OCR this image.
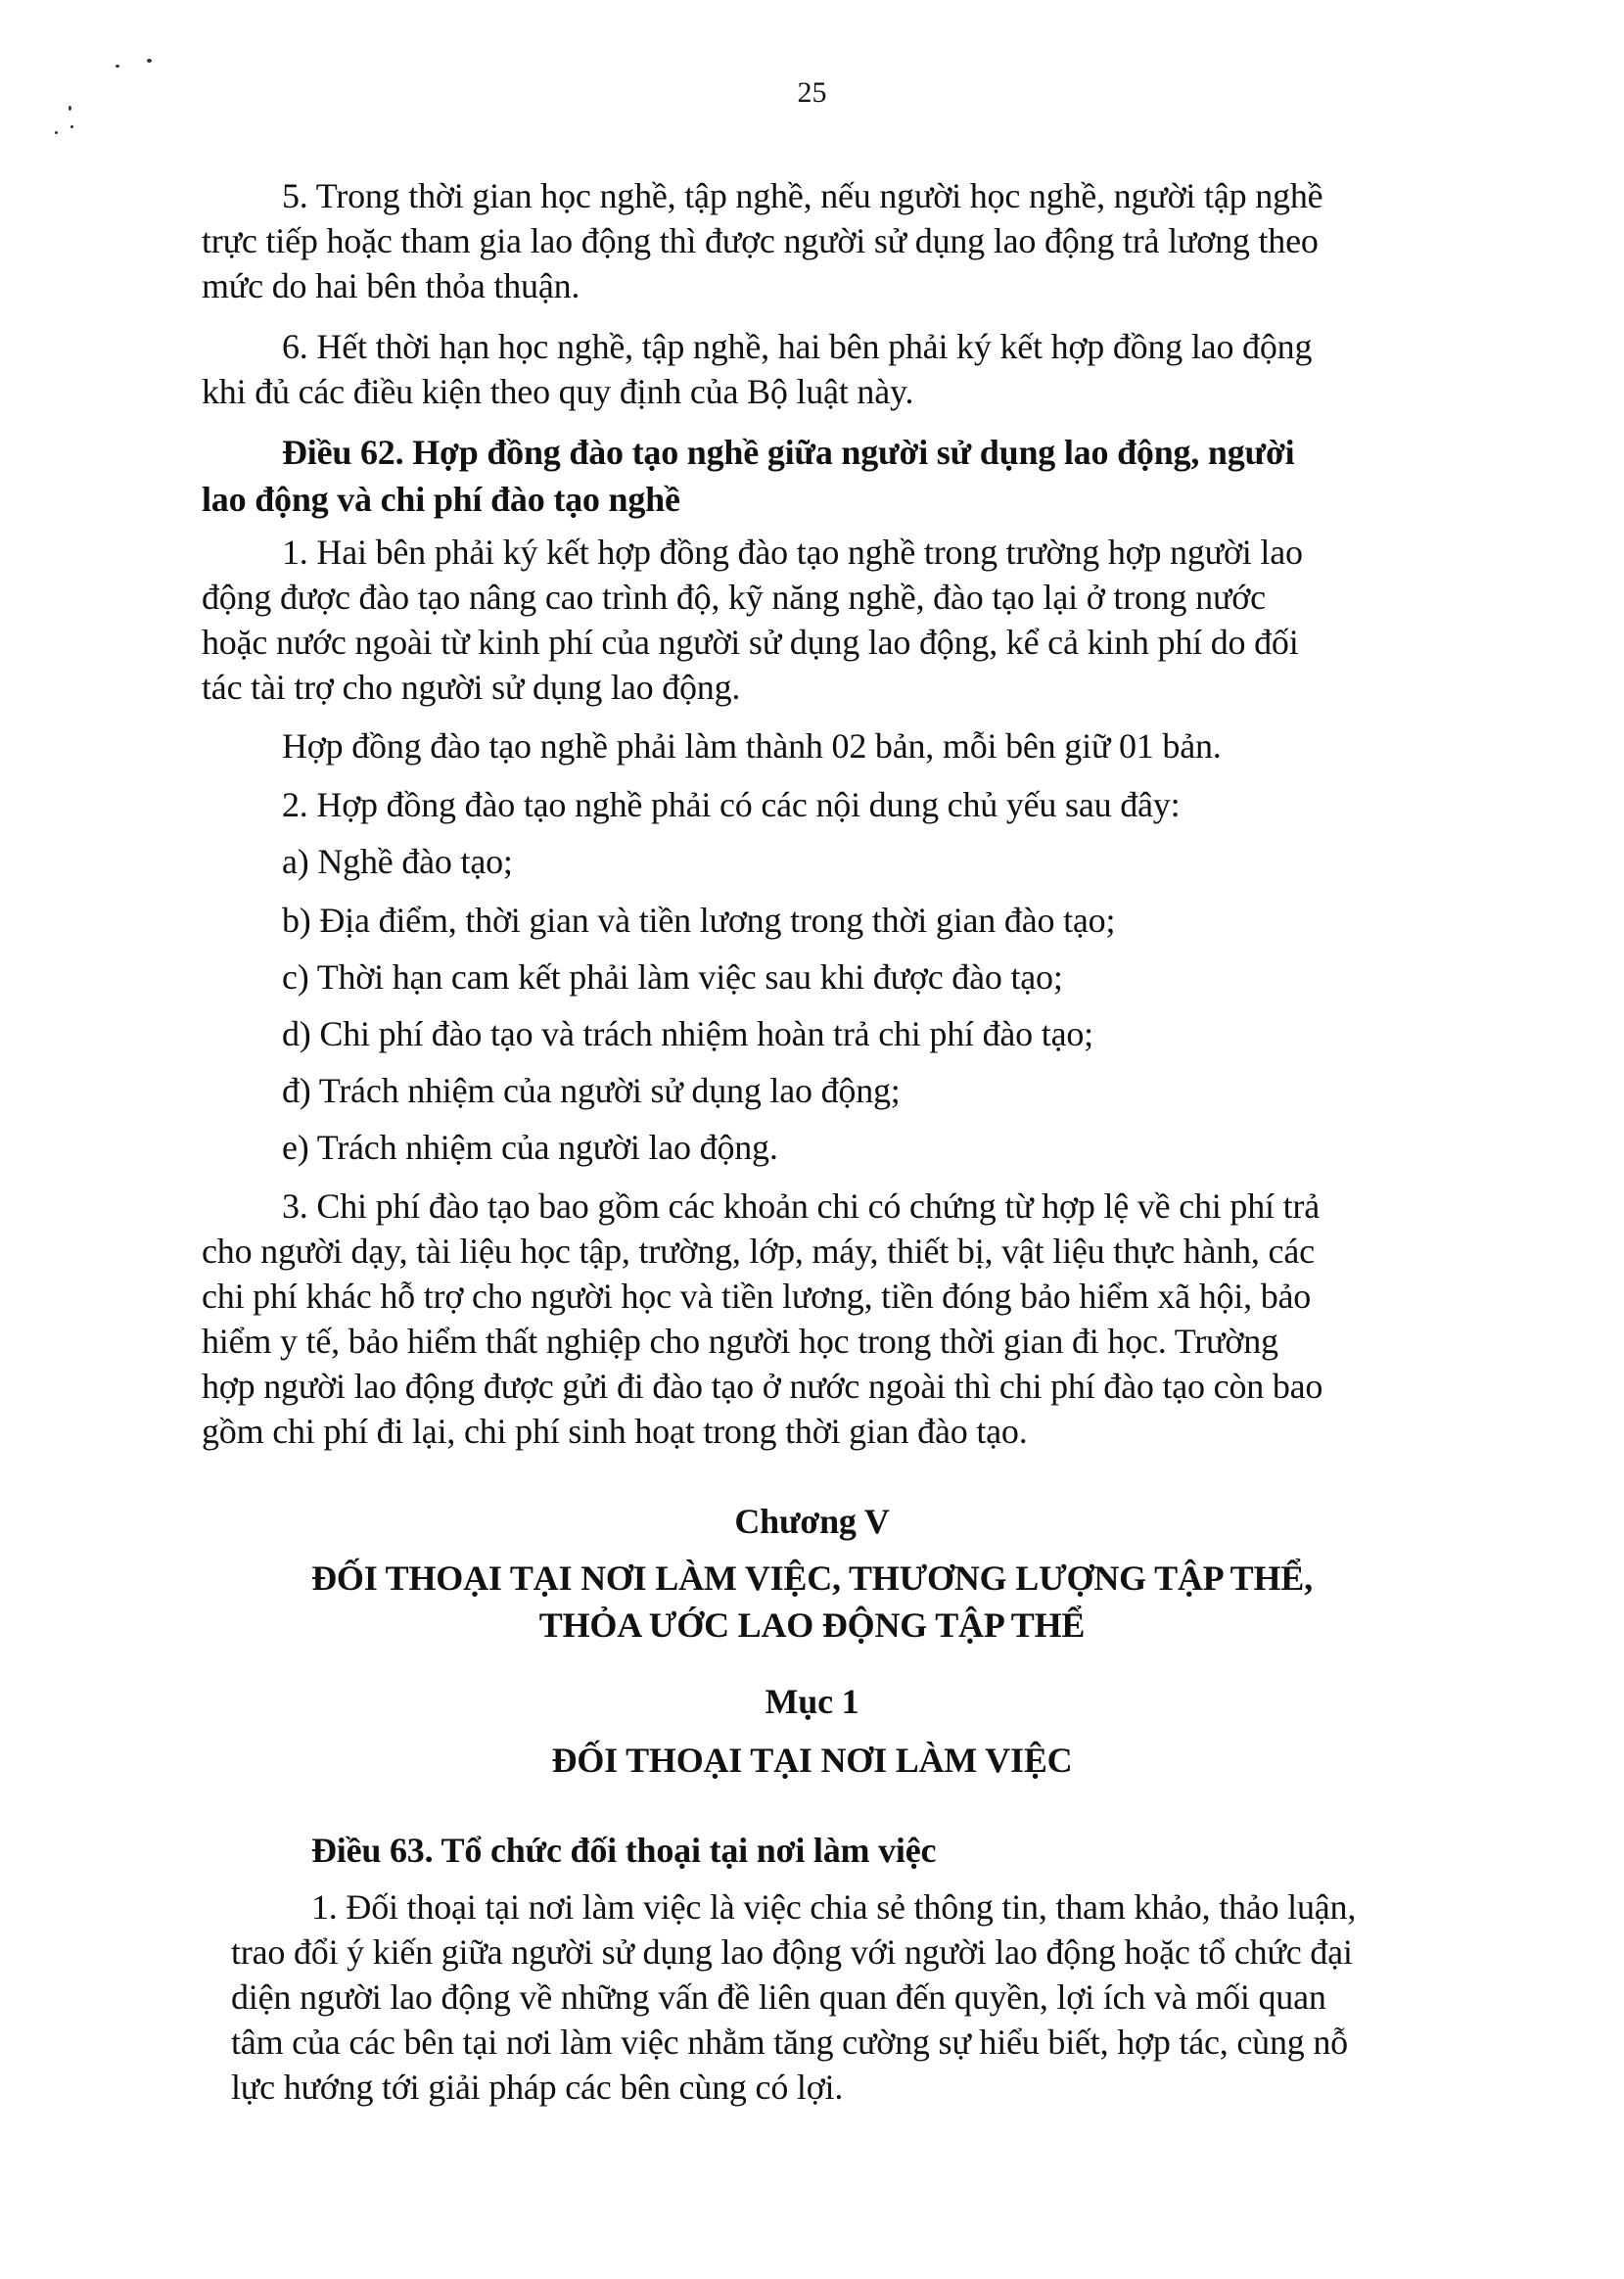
25
5. Trong thời gian học nghề, tập nghề, nếu người học nghề, người tập nghề
trực tiếp hoặc tham gia lao động thì được người sử dụng lao động trả lương theo
mức do hai bên thỏa thuận.
6. Hết thời hạn học nghề, tập nghề, hai bên phải ký kết hợp đồng lao động
khi đủ các điều kiện theo quy định của Bộ luật này.
Điều 62. Hợp đồng đào tạo nghề giữa người sử dụng lao động, người
lao động và chi phí đào tạo nghề
1. Hai bên phải ký kết hợp đồng đào tạo nghề trong trường hợp người lao
động được đào tạo nâng cao trình độ, kỹ năng nghề, đào tạo lại ở trong nước
hoặc nước ngoài từ kinh phí của người sử dụng lao động, kể cả kinh phí do đối
tác tài trợ cho người sử dụng lao động.
Hợp đồng đào tạo nghề phải làm thành 02 bản, mỗi bên giữ 01 bản.
2. Hợp đồng đào tạo nghề phải có các nội dung chủ yếu sau đây:
a) Nghề đào tạo;
b) Địa điểm, thời gian và tiền lương trong thời gian đào tạo;
c) Thời hạn cam kết phải làm việc sau khi được đào tạo;
d) Chi phí đào tạo và trách nhiệm hoàn trả chi phí đào tạo;
đ) Trách nhiệm của người sử dụng lao động;
e) Trách nhiệm của người lao động.
3. Chi phí đào tạo bao gồm các khoản chi có chứng từ hợp lệ về chi phí trả
cho người dạy, tài liệu học tập, trường, lớp, máy, thiết bị, vật liệu thực hành, các
chi phí khác hỗ trợ cho người học và tiền lương, tiền đóng bảo hiểm xã hội, bảo
hiểm y tế, bảo hiểm thất nghiệp cho người học trong thời gian đi học. Trường
hợp người lao động được gửi đi đào tạo ở nước ngoài thì chi phí đào tạo còn bao
gồm chi phí đi lại, chi phí sinh hoạt trong thời gian đào tạo.
Chương V
ĐỐI THOẠI TẠI NƠI LÀM VIỆC, THƯƠNG LƯỢNG TẬP THỂ,
THỎA ƯỚC LAO ĐỘNG TẬP THỂ
Mục 1
ĐỐI THOẠI TẠI NƠI LÀM VIỆC
Điều 63. Tổ chức đối thoại tại nơi làm việc
1. Đối thoại tại nơi làm việc là việc chia sẻ thông tin, tham khảo, thảo luận,
trao đổi ý kiến giữa người sử dụng lao động với người lao động hoặc tổ chức đại
diện người lao động về những vấn đề liên quan đến quyền, lợi ích và mối quan
tâm của các bên tại nơi làm việc nhằm tăng cường sự hiểu biết, hợp tác, cùng nỗ
lực hướng tới giải pháp các bên cùng có lợi.
